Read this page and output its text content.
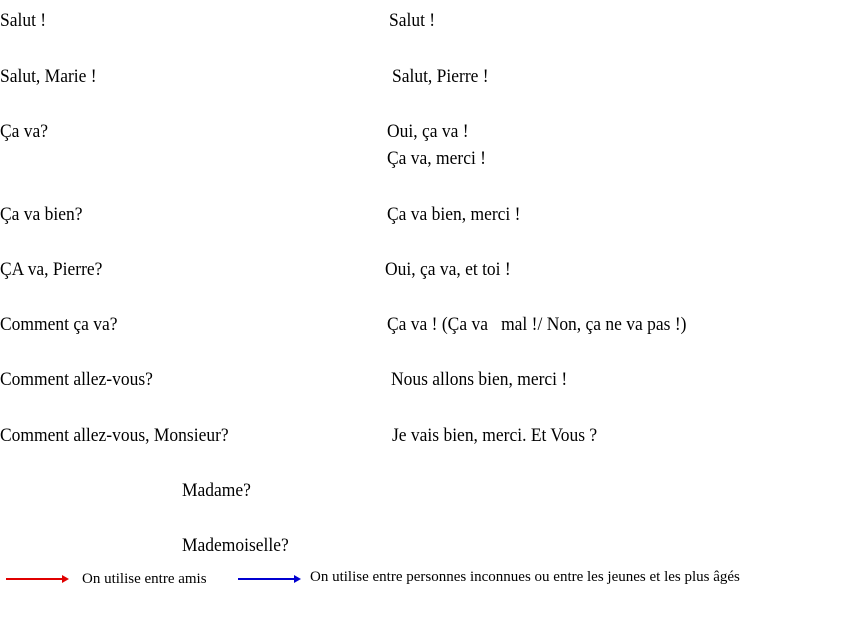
Salut !
Salut, Marie !
Ça va?
Ça va bien?
ÇA va, Pierre?
Comment ça va?
Comment allez-vous?
Comment allez-vous, Monsieur?
Salut !
Salut, Pierre !
Oui, ça va !
Ça va, merci !
Ça va bien, merci !
Oui, ça va, et toi !
Ça va ! (Ça va   mal !/ Non, ça ne va pas !)
Nous allons bien, merci !
Je vais bien, merci. Et Vous ?
Madame?
Mademoiselle?
On utilise entre amis	On utilise entre personnes inconnues ou entre les jeunes et les plus âgés
